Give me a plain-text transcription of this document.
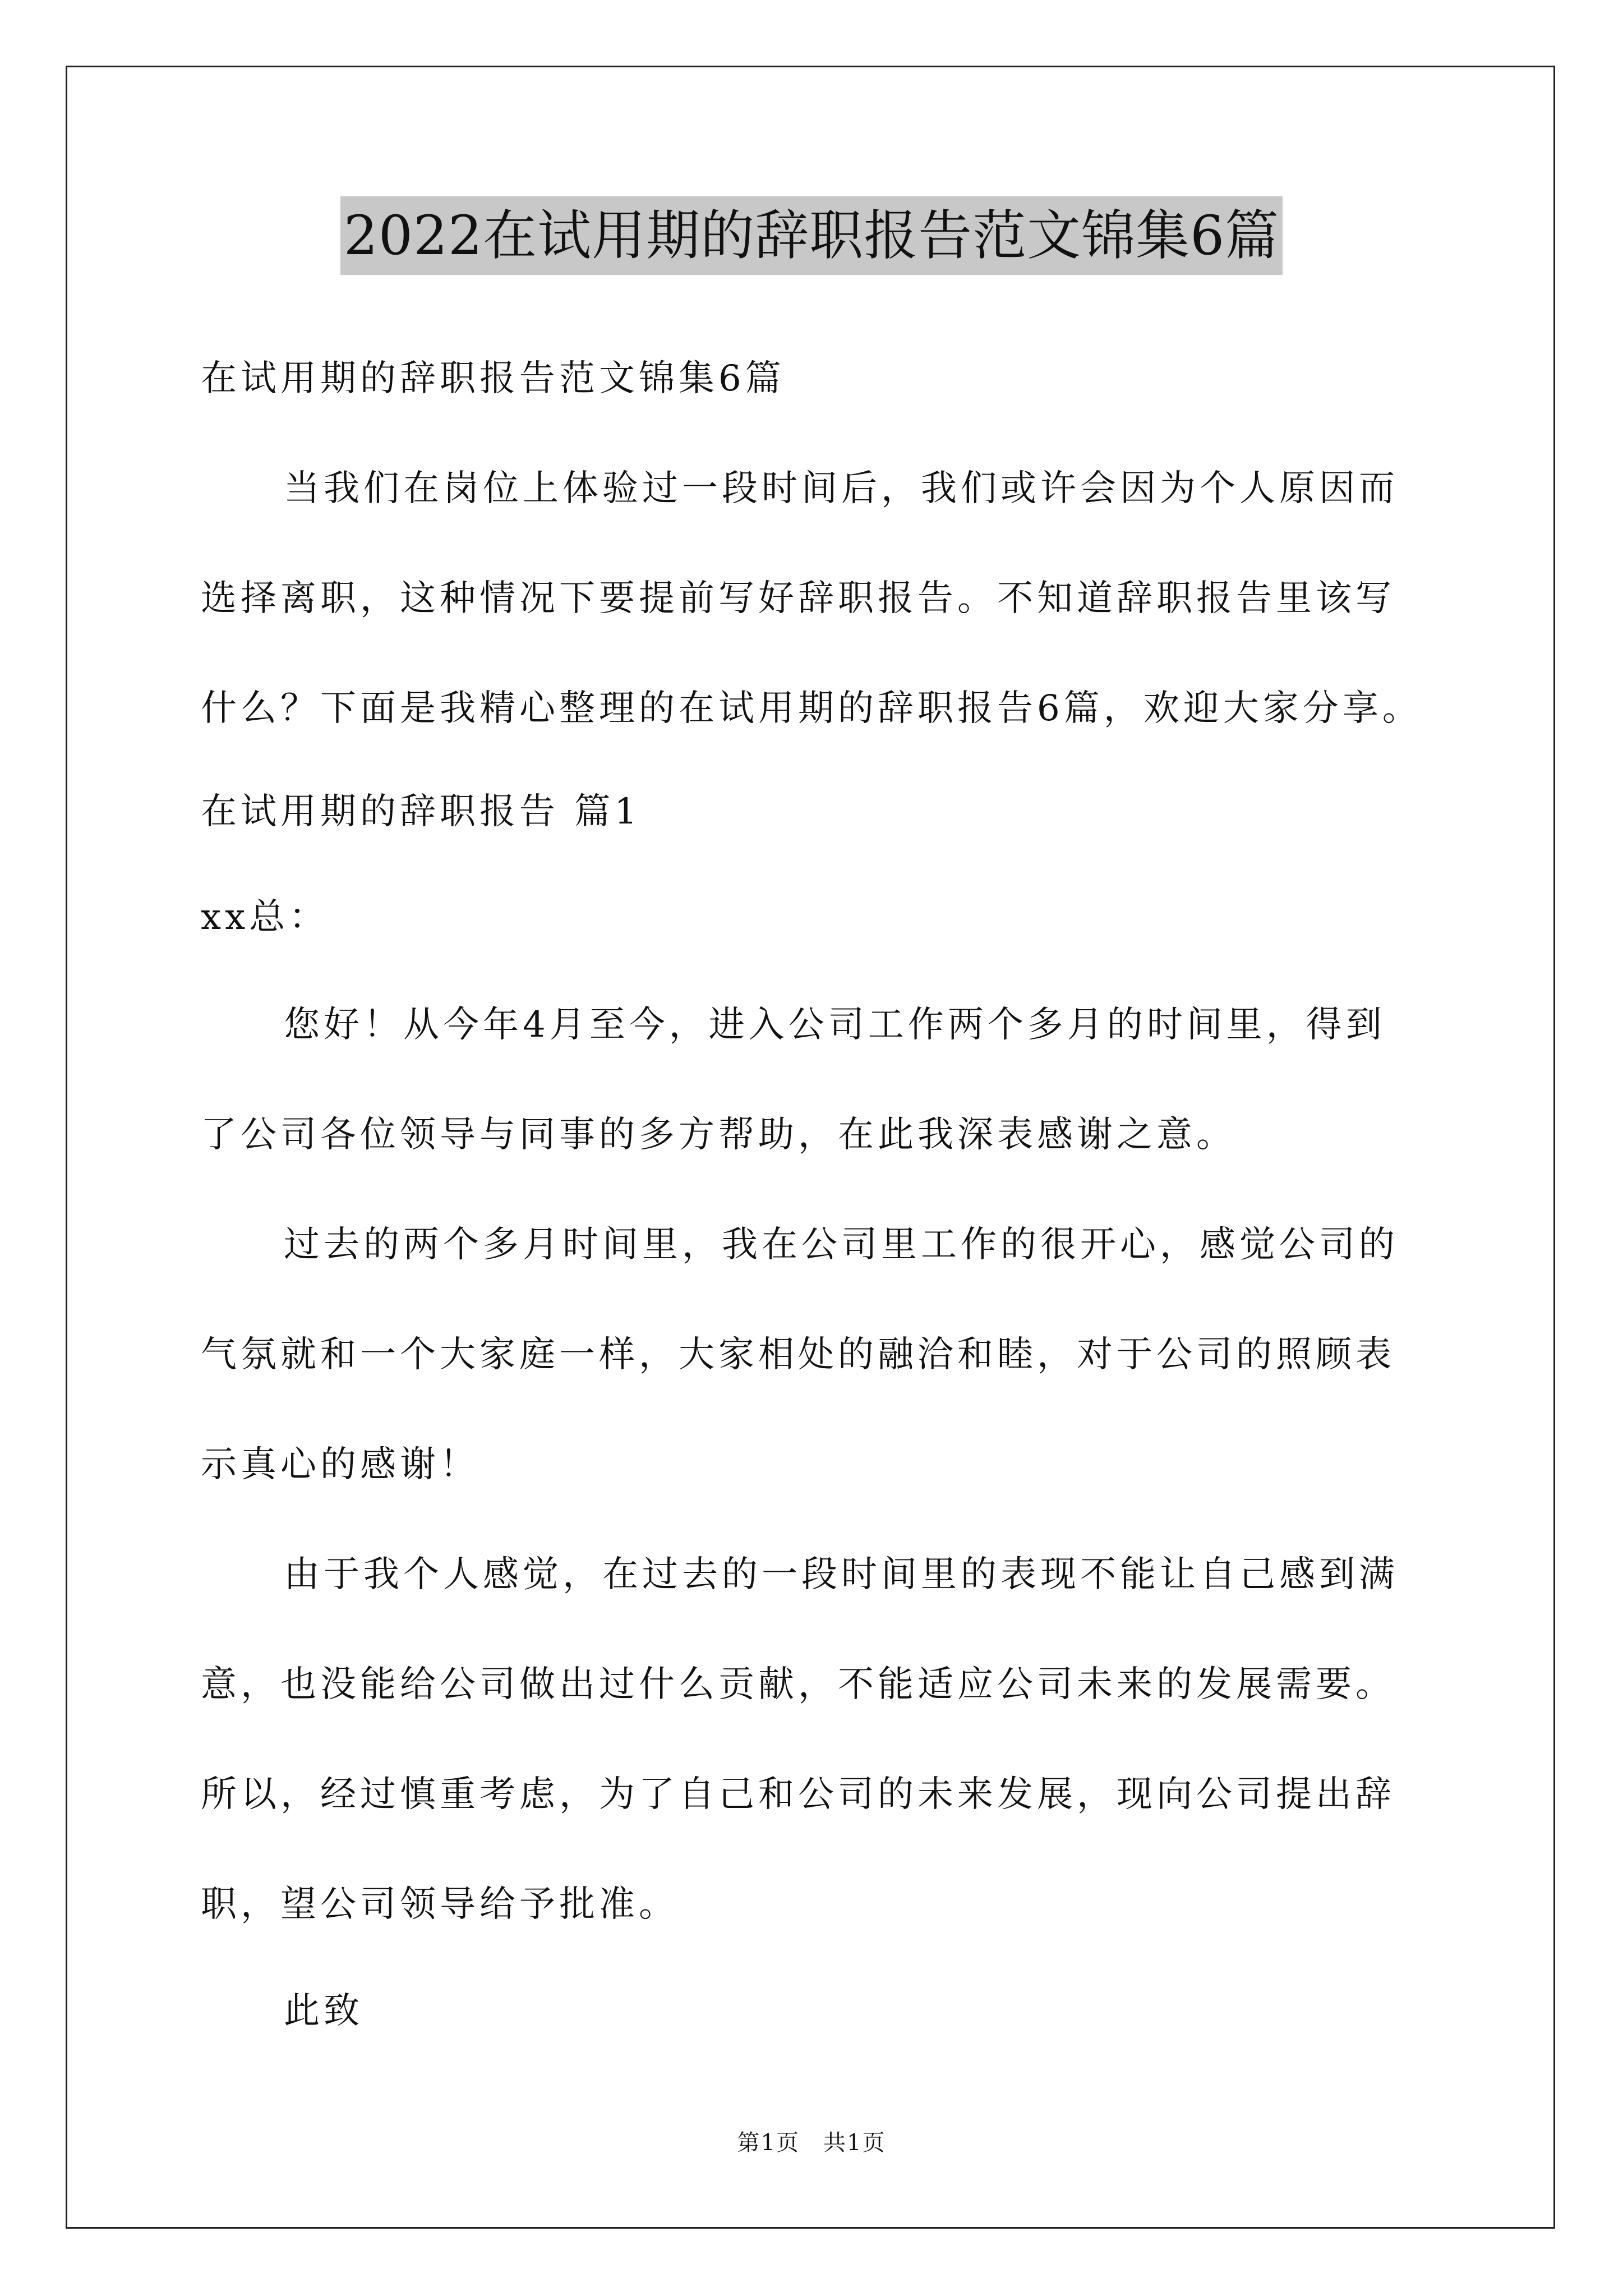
2022在试用期的辞职报告范文锦集6篇
在试用期的辞职报告范文锦集6篇
当我们在岗位上体验过一段时间后，我们或许会因为个人原因而
选择离职，这种情况下要提前写好辞职报告。不知道辞职报告里该写
什么？下面是我精心整理的在试用期的辞职报告6篇，欢迎大家分享。
在试用期的辞职报告 篇1
xx总：
您好！从今年4月至今，进入公司工作两个多月的时间里，得到
了公司各位领导与同事的多方帮助，在此我深表感谢之意。
过去的两个多月时间里，我在公司里工作的很开心，感觉公司的
气氛就和一个大家庭一样，大家相处的融洽和睦，对于公司的照顾表
示真心的感谢！
由于我个人感觉，在过去的一段时间里的表现不能让自己感到满
意，也没能给公司做出过什么贡献，不能适应公司未来的发展需要。
所以，经过慎重考虑，为了自己和公司的未来发展，现向公司提出辞
职，望公司领导给予批准。
此致
第1页　共1页
